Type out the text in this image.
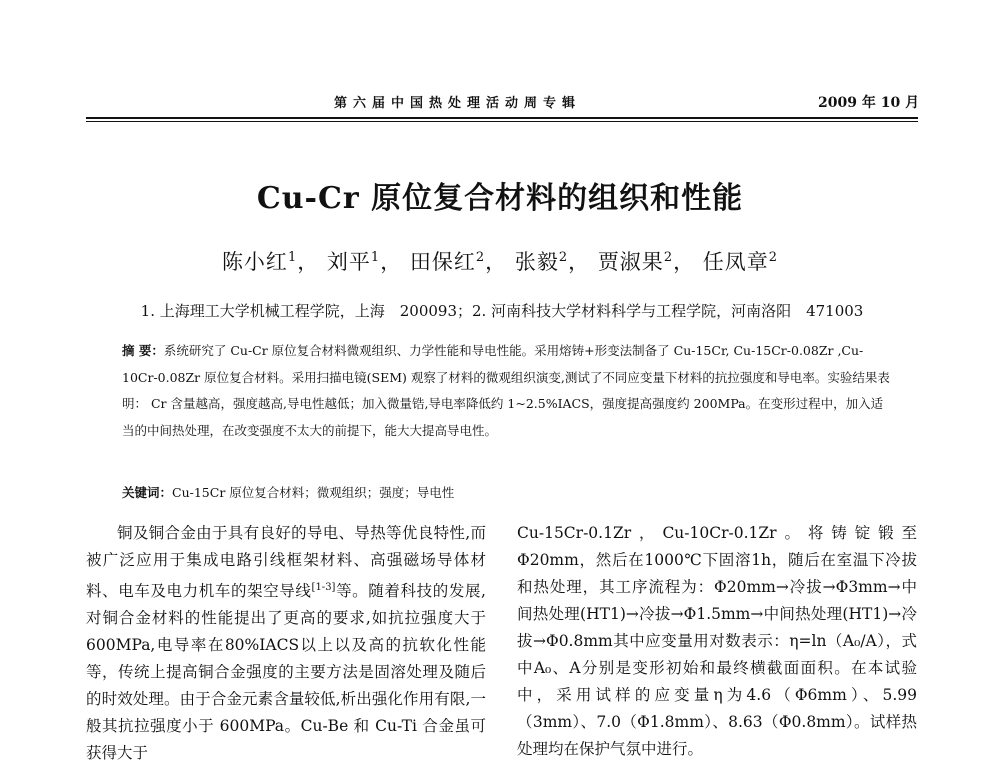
第六届中国热处理活动周专辑	2009 年 10 月
Cu-Cr 原位复合材料的组织和性能
陈小红$^1$， 刘平$^1$， 田保红$^2$， 张毅$^2$， 贾淑果$^2$， 任凤章$^2$
1. 上海理工大学机械工程学院，上海　200093；2. 河南科技大学材料科学与工程学院，河南洛阳　471003
摘 要：系统研究了 Cu-Cr 原位复合材料微观组织、力学性能和导电性能。采用熔铸+形变法制备了 Cu-15Cr, Cu-15Cr-0.08Zr ,Cu-10Cr-0.08Zr 原位复合材料。采用扫描电镜(SEM) 观察了材料的微观组织演变,测试了不同应变量下材料的抗拉强度和导电率。实验结果表明： Cr 含量越高，强度越高,导电性越低；加入微量锆,导电率降低约 1~2.5%IACS，强度提高强度约 200MPa。在变形过程中，加入适当的中间热处理，在改变强度不太大的前提下，能大大提高导电性。
关键词：Cu-15Cr 原位复合材料；微观组织；强度；导电性
铜及铜合金由于具有良好的导电、导热等优良特性,而被广泛应用于集成电路引线框架材料、高强磁场导体材料、电车及电力机车的架空导线[1-3]等。随着科技的发展,对铜合金材料的性能提出了更高的要求,如抗拉强度大于600MPa,电导率在80%IACS以上以及高的抗软化性能等，传统上提高铜合金强度的主要方法是固溶处理及随后的时效处理。由于合金元素含量较低,析出强化作用有限,一般其抗拉强度小于 600MPa。Cu-Be 和 Cu-Ti 合金虽可获得大于
Cu-15Cr-0.1Zr，Cu-10Cr-0.1Zr。将铸锭锻至Φ20mm，然后在1000℃下固溶1h，随后在室温下冷拔和热处理，其工序流程为：Φ20mm→冷拔→Φ3mm→中间热处理(HT1)→冷拔→Φ1.5mm→中间热处理(HT1)→冷拔→Φ0.8mm其中应变量用对数表示：η=ln（A₀/A），式中A₀、A分别是变形初始和最终横截面面积。在本试验中，采用试样的应变量η为4.6（Φ6mm）、5.99（3mm）、7.0（Φ1.8mm）、8.63（Φ0.8mm）。试样热处理均在保护气氛中进行。
